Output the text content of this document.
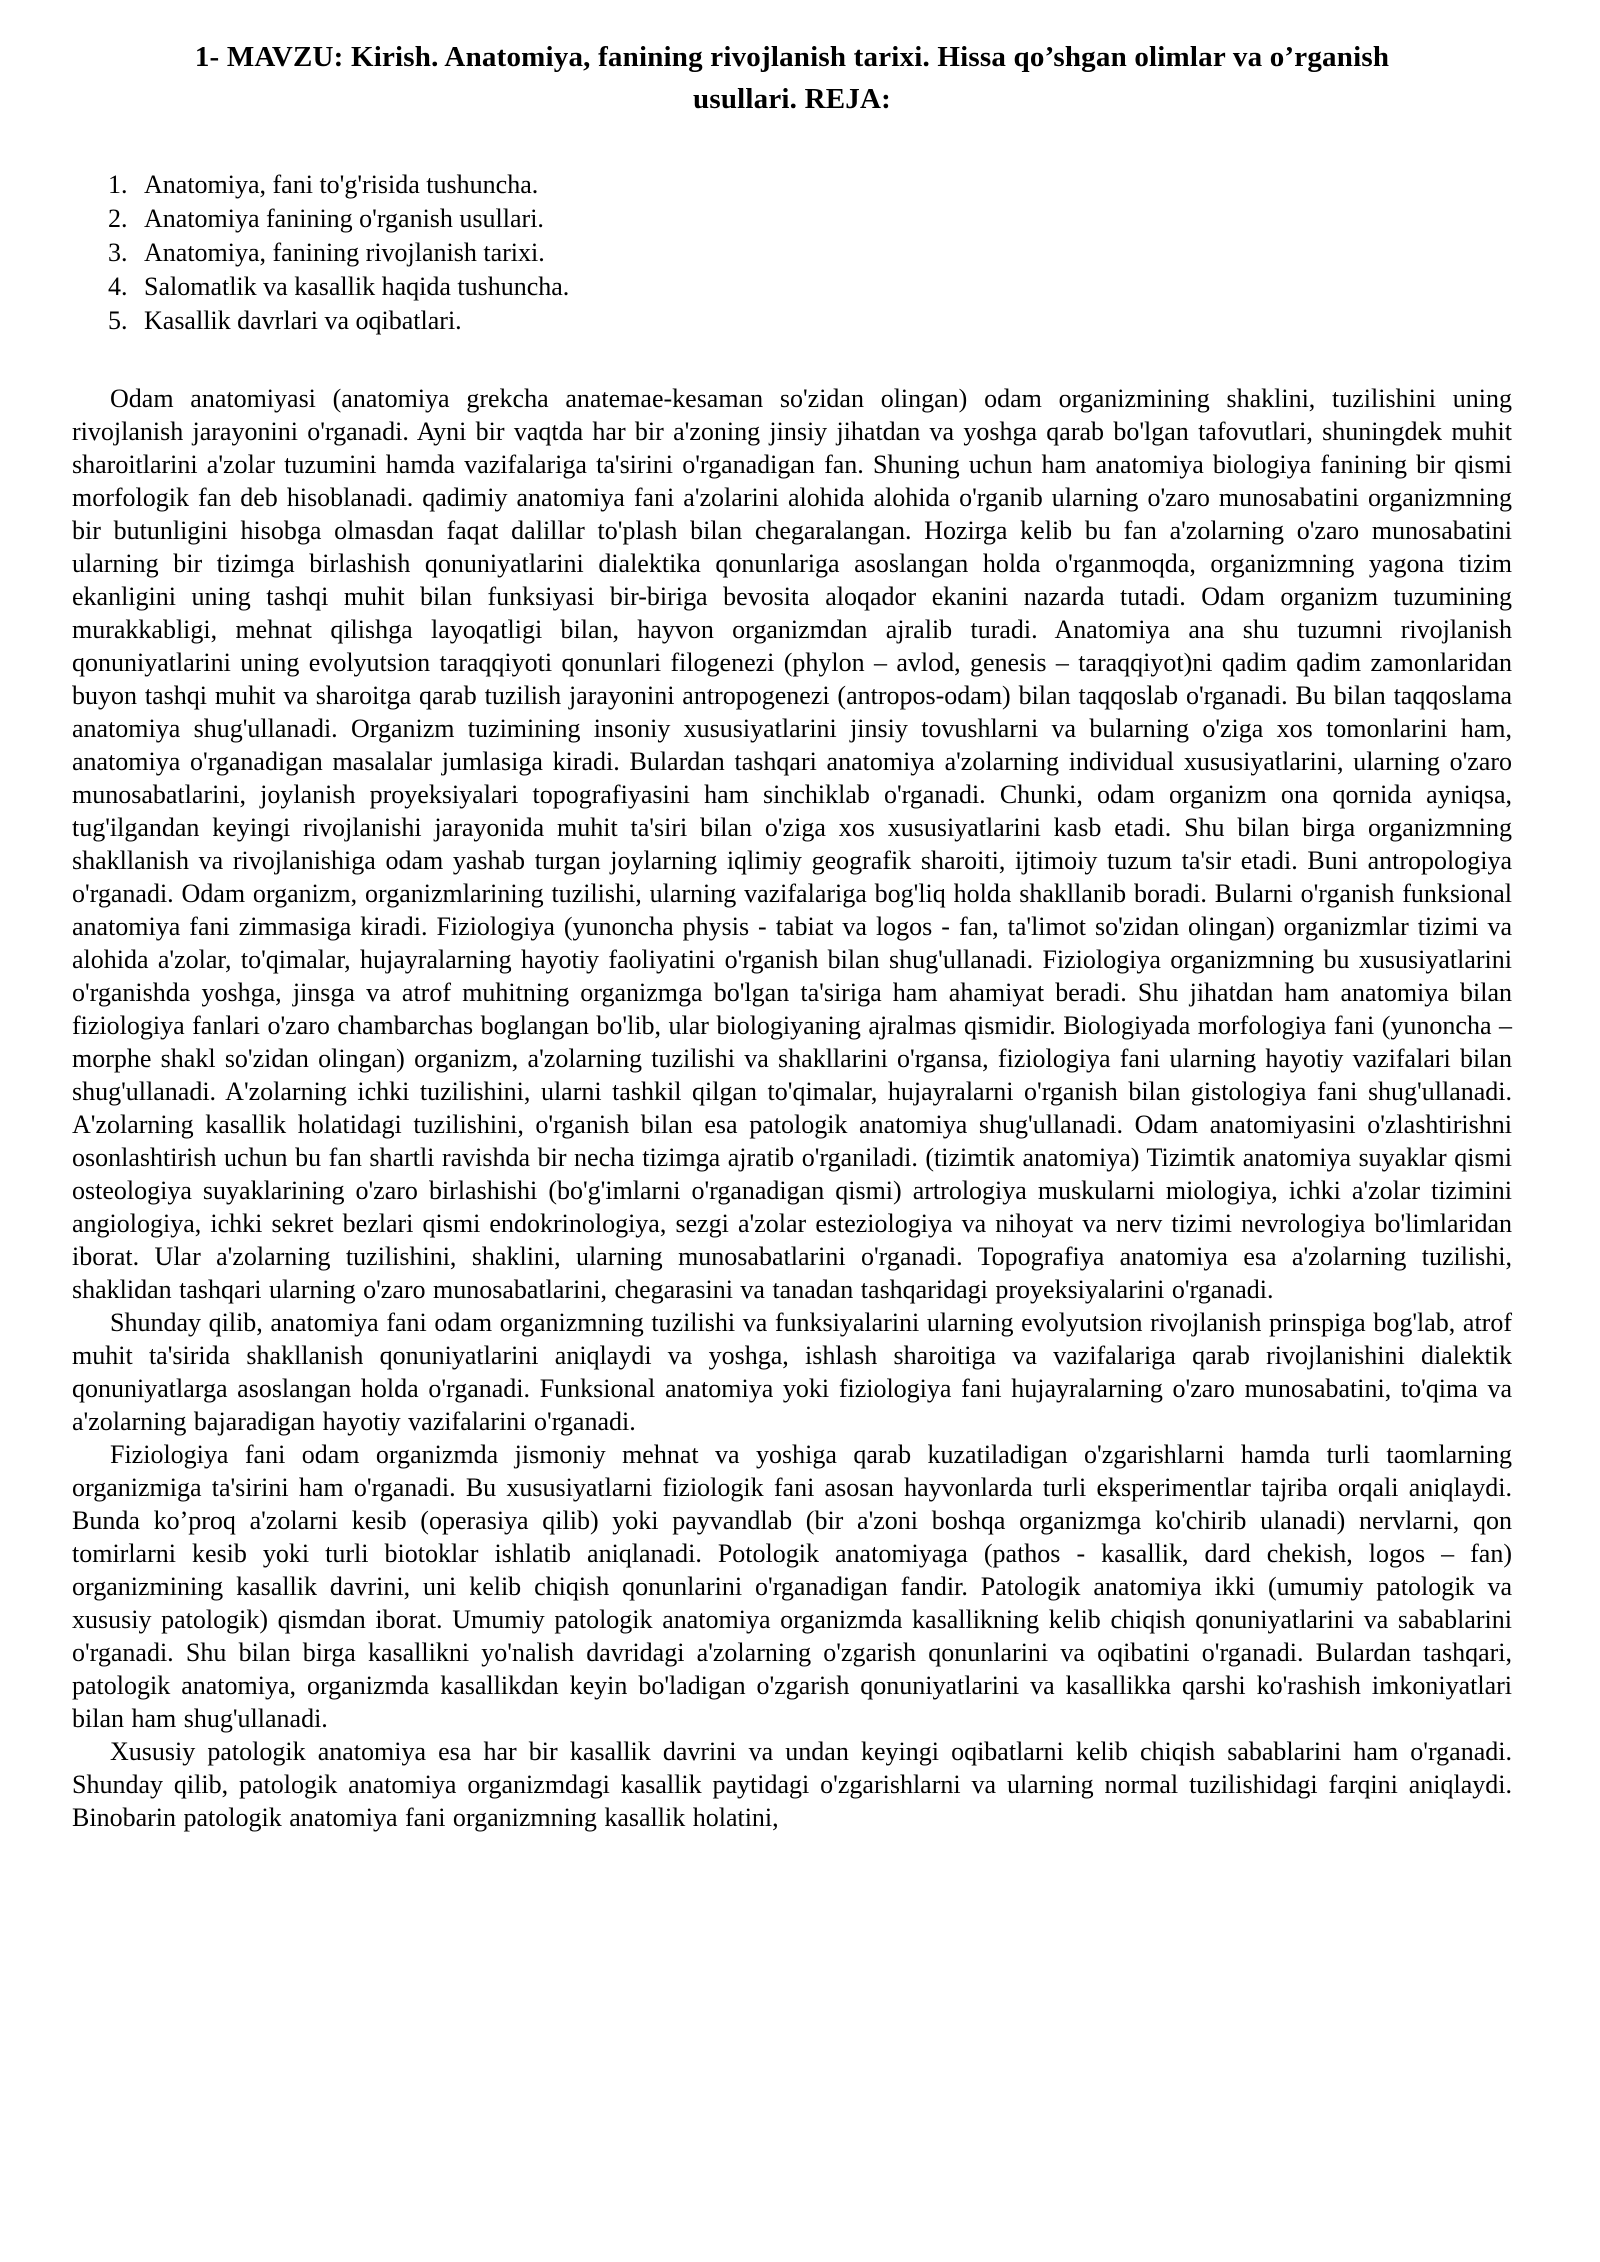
1- MAVZU: Kirish. Anatomiya, fanining rivojlanish tarixi. Hissa qo’shgan olimlar va o’rganish
usullari. REJA:
1. Anatomiya, fani to'g'risida tushuncha.
2. Anatomiya fanining o'rganish usullari.
3. Anatomiya, fanining rivojlanish tarixi.
4. Salomatlik va kasallik haqida tushuncha.
5. Kasallik davrlari va oqibatlari.

Odam anatomiyasi (anatomiya grekcha anatemae-kesaman so'zidan olingan) odam organizmining shaklini, tuzilishini uning rivojlanish jarayonini o'rganadi. Ayni bir vaqtda har bir a'zoning jinsiy jihatdan va yoshga qarab bo'lgan tafovutlari, shuningdek muhit sharoitlarini a'zolar tuzumini hamda vazifalariga ta'sirini o'rganadigan fan. Shuning uchun ham anatomiya biologiya fanining bir qismi morfologik fan deb hisoblanadi. qadimiy anatomiya fani a'zolarini alohida alohida o'rganib ularning o'zaro munosabatini organizmning bir butunligini hisobga olmasdan faqat dalillar to'plash bilan chegaralangan. Hozirga kelib bu fan a'zolarning o'zaro munosabatini ularning bir tizimga birlashish qonuniyatlarini dialektika qonunlariga asoslangan holda o'rganmoqda, organizmning yagona tizim ekanligini uning tashqi muhit bilan funksiyasi bir-biriga bevosita aloqador ekanini nazarda tutadi. Odam organizm tuzumining murakkabligi, mehnat qilishga layoqatligi bilan, hayvon organizmdan ajralib turadi. Anatomiya ana shu tuzumni rivojlanish qonuniyatlarini uning evolyutsion taraqqiyoti qonunlari filogenezi (phylon – avlod, genesis – taraqqiyot)ni qadim qadim zamonlaridan buyon tashqi muhit va sharoitga qarab tuzilish jarayonini antropogenezi (antropos-odam) bilan taqqoslab o'rganadi. Bu bilan taqqoslama anatomiya shug'ullanadi. Organizm tuzimining insoniy xususiyatlarini jinsiy tovushlarni va bularning o'ziga xos tomonlarini ham, anatomiya o'rganadigan masalalar jumlasiga kiradi. Bulardan tashqari anatomiya a'zolarning individual xususiyatlarini, ularning o'zaro munosabatlarini, joylanish proyeksiyalari topografiyasini ham sinchiklab o'rganadi. Chunki, odam organizm ona qornida ayniqsa, tug'ilgandan keyingi rivojlanishi jarayonida muhit ta'siri bilan o'ziga xos xususiyatlarini kasb etadi. Shu bilan birga organizmning shakllanish va rivojlanishiga odam yashab turgan joylarning iqlimiy geografik sharoiti, ijtimoiy tuzum ta'sir etadi. Buni antropologiya o'rganadi. Odam organizm, organizmlarining tuzilishi, ularning vazifalariga bog'liq holda shakllanib boradi. Bularni o'rganish funksional anatomiya fani zimmasiga kiradi. Fiziologiya (yunoncha physis - tabiat va logos - fan, ta'limot so'zidan olingan) organizmlar tizimi va alohida a'zolar, to'qimalar, hujayralarning hayotiy faoliyatini o'rganish bilan shug'ullanadi. Fiziologiya organizmning bu xususiyatlarini o'rganishda yoshga, jinsga va atrof muhitning organizmga bo'lgan ta'siriga ham ahamiyat beradi. Shu jihatdan ham anatomiya bilan fiziologiya fanlari o'zaro chambarchas boglangan bo'lib, ular biologiyaning ajralmas qismidir. Biologiyada morfologiya fani (yunoncha – morphe shakl so'zidan olingan) organizm, a'zolarning tuzilishi va shakllarini o'rgansa, fiziologiya fani ularning hayotiy vazifalari bilan shug'ullanadi. A'zolarning ichki tuzilishini, ularni tashkil qilgan to'qimalar, hujayralarni o'rganish bilan gistologiya fani shug'ullanadi. A'zolarning kasallik holatidagi tuzilishini, o'rganish bilan esa patologik anatomiya shug'ullanadi. Odam anatomiyasini o'zlashtirishni osonlashtirish uchun bu fan shartli ravishda bir necha tizimga ajratib o'rganiladi. (tizimtik anatomiya) Tizimtik anatomiya suyaklar qismi osteologiya suyaklarining o'zaro birlashishi (bo'g'imlarni o'rganadigan qismi) artrologiya muskularni miologiya, ichki a'zolar tizimini angiologiya, ichki sekret bezlari qismi endokrinologiya, sezgi a'zolar esteziologiya va nihoyat va nerv tizimi nevrologiya bo'limlaridan iborat. Ular a'zolarning tuzilishini, shaklini, ularning munosabatlarini o'rganadi. Topografiya anatomiya esa a'zolarning tuzilishi, shaklidan tashqari ularning o'zaro munosabatlarini, chegarasini va tanadan tashqaridagi proyeksiyalarini o'rganadi.

Shunday qilib, anatomiya fani odam organizmning tuzilishi va funksiyalarini ularning evolyutsion rivojlanish prinspiga bog'lab, atrof muhit ta'sirida shakllanish qonuniyatlarini aniqlaydi va yoshga, ishlash sharoitiga va vazifalariga qarab rivojlanishini dialektik qonuniyatlarga asoslangan holda o'rganadi. Funksional anatomiya yoki fiziologiya fani hujayralarning o'zaro munosabatini, to'qima va a'zolarning bajaradigan hayotiy vazifalarini o'rganadi.

Fiziologiya fani odam organizmda jismoniy mehnat va yoshiga qarab kuzatiladigan o'zgarishlarni hamda turli taomlarning organizmiga ta'sirini ham o'rganadi. Bu xususiyatlarni fiziologik fani asosan hayvonlarda turli eksperimentlar tajriba orqali aniqlaydi. Bunda ko’proq a'zolarni kesib (operasiya qilib) yoki payvandlab (bir a'zoni boshqa organizmga ko'chirib ulanadi) nervlarni, qon tomirlarni kesib yoki turli biotoklar ishlatib aniqlanadi. Potologik anatomiyaga (pathos - kasallik, dard chekish, logos – fan) organizmining kasallik davrini, uni kelib chiqish qonunlarini o'rganadigan fandir. Patologik anatomiya ikki (umumiy patologik va xususiy patologik) qismdan iborat. Umumiy patologik anatomiya organizmda kasallikning kelib chiqish qonuniyatlarini va sabablarini o'rganadi. Shu bilan birga kasallikni yo'nalish davridagi a'zolarning o'zgarish qonunlarini va oqibatini o'rganadi. Bulardan tashqari, patologik anatomiya, organizmda kasallikdan keyin bo'ladigan o'zgarish qonuniyatlarini va kasallikka qarshi ko'rashish imkoniyatlari bilan ham shug'ullanadi.

Xususiy patologik anatomiya esa har bir kasallik davrini va undan keyingi oqibatlarni kelib chiqish sabablarini ham o'rganadi. Shunday qilib, patologik anatomiya organizmdagi kasallik paytidagi o'zgarishlarni va ularning normal tuzilishidagi farqini aniqlaydi. Binobarin patologik anatomiya fani organizmning kasallik holatini,
